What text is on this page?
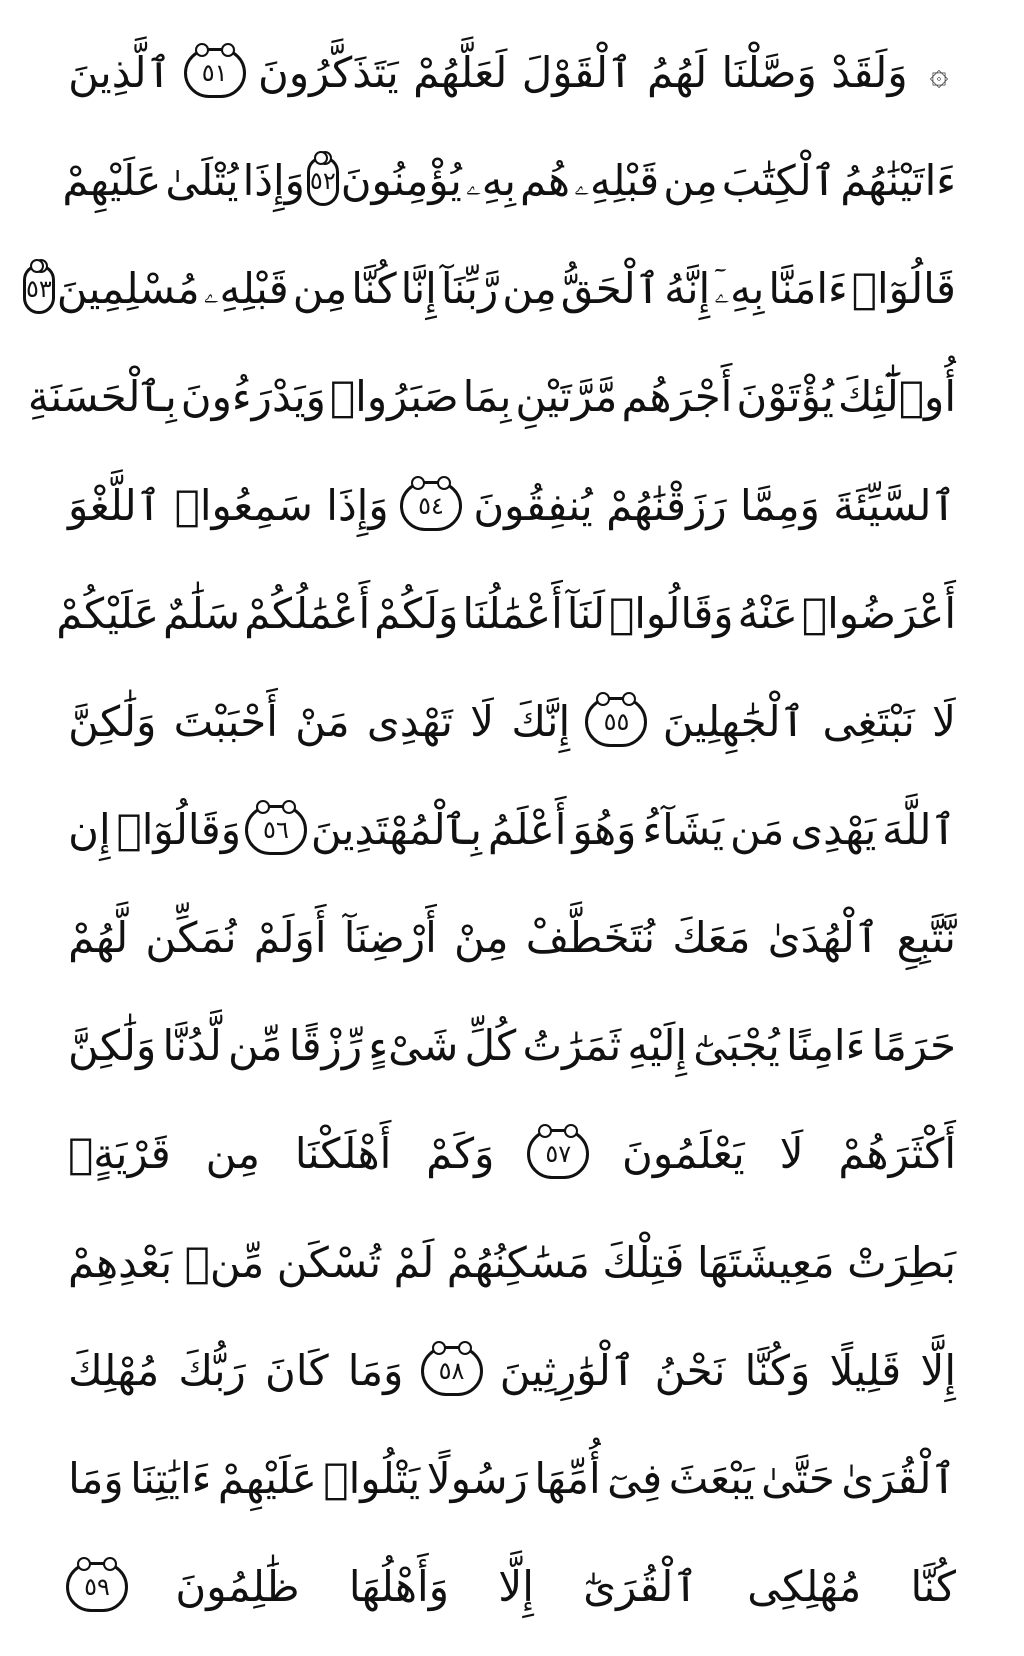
۞
وَلَقَدْ
وَصَّلْنَا
لَهُمُ
ٱلْقَوْلَ
لَعَلَّهُمْ
يَتَذَكَّرُونَ
٥١
ٱلَّذِينَ
ءَاتَيْنَٰهُمُ
ٱلْكِتَٰبَ
مِن
قَبْلِهِۦ
هُم
بِهِۦ
يُؤْمِنُونَ
٥٢
وَإِذَا
يُتْلَىٰ
عَلَيْهِمْ
قَالُوٓا۟
ءَامَنَّا
بِهِۦٓ
إِنَّهُ
ٱلْحَقُّ
مِن
رَّبِّنَآ
إِنَّا
كُنَّا
مِن
قَبْلِهِۦ
مُسْلِمِينَ
٥٣
أُو۟لَٰٓئِكَ
يُؤْتَوْنَ
أَجْرَهُم
مَّرَّتَيْنِ
بِمَا
صَبَرُوا۟
وَيَدْرَءُونَ
بِٱلْحَسَنَةِ
ٱلسَّيِّئَةَ
وَمِمَّا
رَزَقْنَٰهُمْ
يُنفِقُونَ
٥٤
وَإِذَا
سَمِعُوا۟
ٱللَّغْوَ
أَعْرَضُوا۟
عَنْهُ
وَقَالُوا۟
لَنَآ
أَعْمَٰلُنَا
وَلَكُمْ
أَعْمَٰلُكُمْ
سَلَٰمٌ
عَلَيْكُمْ
لَا
نَبْتَغِى
ٱلْجَٰهِلِينَ
٥٥
إِنَّكَ
لَا
تَهْدِى
مَنْ
أَحْبَبْتَ
وَلَٰكِنَّ
ٱللَّهَ
يَهْدِى
مَن
يَشَآءُ
وَهُوَ
أَعْلَمُ
بِٱلْمُهْتَدِينَ
٥٦
وَقَالُوٓا۟
إِن
نَّتَّبِعِ
ٱلْهُدَىٰ
مَعَكَ
نُتَخَطَّفْ
مِنْ
أَرْضِنَآ
أَوَلَمْ
نُمَكِّن
لَّهُمْ
حَرَمًا
ءَامِنًا
يُجْبَىٰٓ
إِلَيْهِ
ثَمَرَٰتُ
كُلِّ
شَىْءٍ
رِّزْقًا
مِّن
لَّدُنَّا
وَلَٰكِنَّ
أَكْثَرَهُمْ
لَا
يَعْلَمُونَ
٥٧
وَكَمْ
أَهْلَكْنَا
مِن
قَرْيَةٍۭ
بَطِرَتْ
مَعِيشَتَهَا
فَتِلْكَ
مَسَٰكِنُهُمْ
لَمْ
تُسْكَن
مِّنۢ
بَعْدِهِمْ
إِلَّا
قَلِيلًا
وَكُنَّا
نَحْنُ
ٱلْوَٰرِثِينَ
٥٨
وَمَا
كَانَ
رَبُّكَ
مُهْلِكَ
ٱلْقُرَىٰ
حَتَّىٰ
يَبْعَثَ
فِىٓ
أُمِّهَا
رَسُولًا
يَتْلُوا۟
عَلَيْهِمْ
ءَايَٰتِنَا
وَمَا
كُنَّا
مُهْلِكِى
ٱلْقُرَىٰٓ
إِلَّا
وَأَهْلُهَا
ظَٰلِمُونَ
٥٩
